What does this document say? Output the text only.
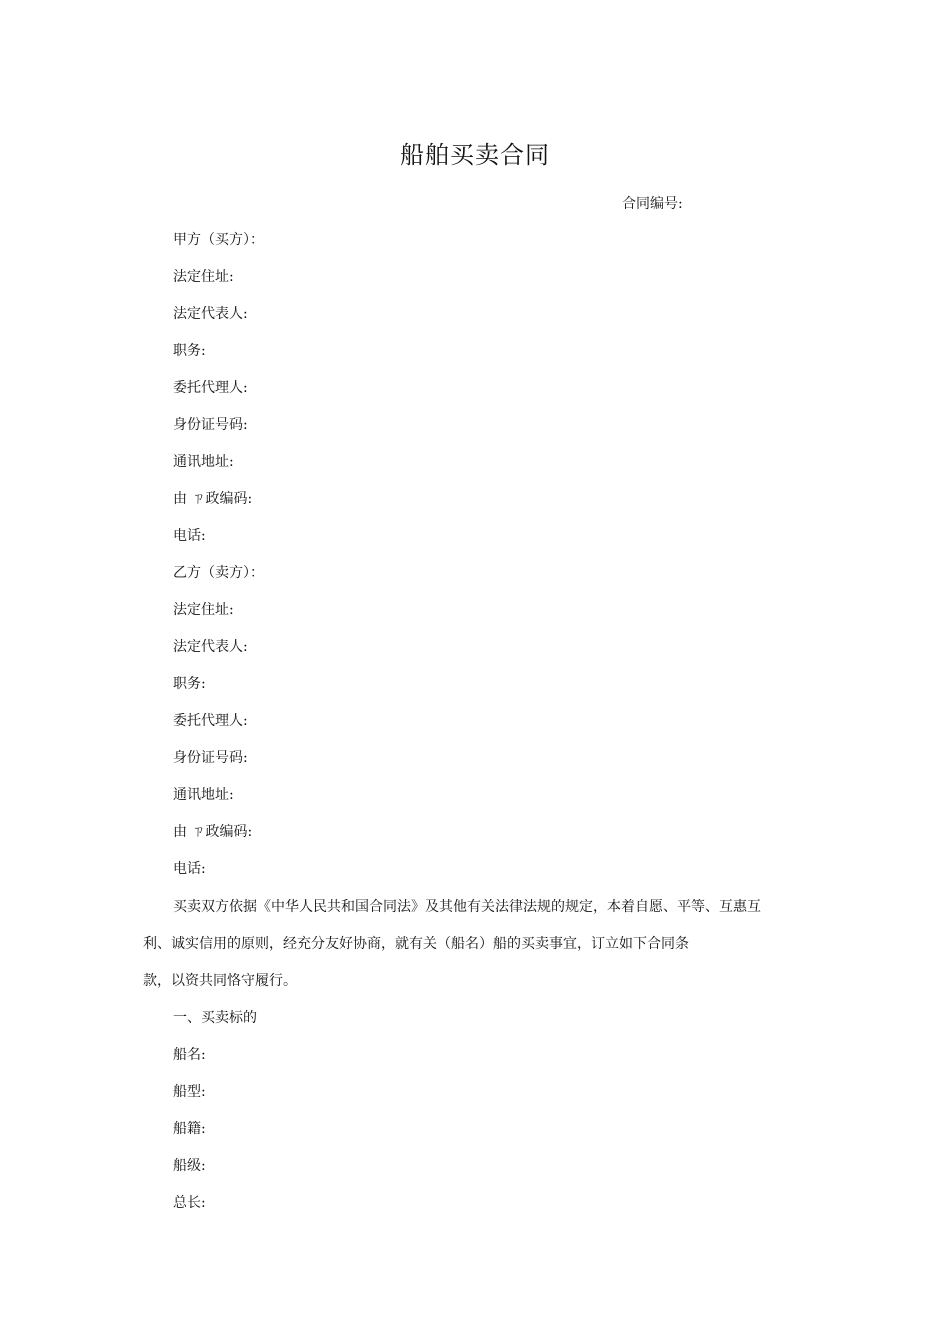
船舶买卖合同
合同编号:
甲方（买方）：
法定住址:
法定代表人:
职务:
委托代理人:
身份证号码:
通讯地址:
由 ㄗ政编码:
电话:
乙方（卖方）：
法定住址:
法定代表人:
职务:
委托代理人:
身份证号码:
通讯地址:
由 ㄗ政编码:
电话:
买卖双方依据《中华人民共和国合同法》及其他有关法律法规的规定，本着自愿、平等、互惠互
利、诚实信用的原则，经充分友好协商，就有关（船名）船的买卖事宜，订立如下合同条
款，以资共同恪守履行。
一、买卖标的
船名:
船型:
船籍:
船级:
总长:
